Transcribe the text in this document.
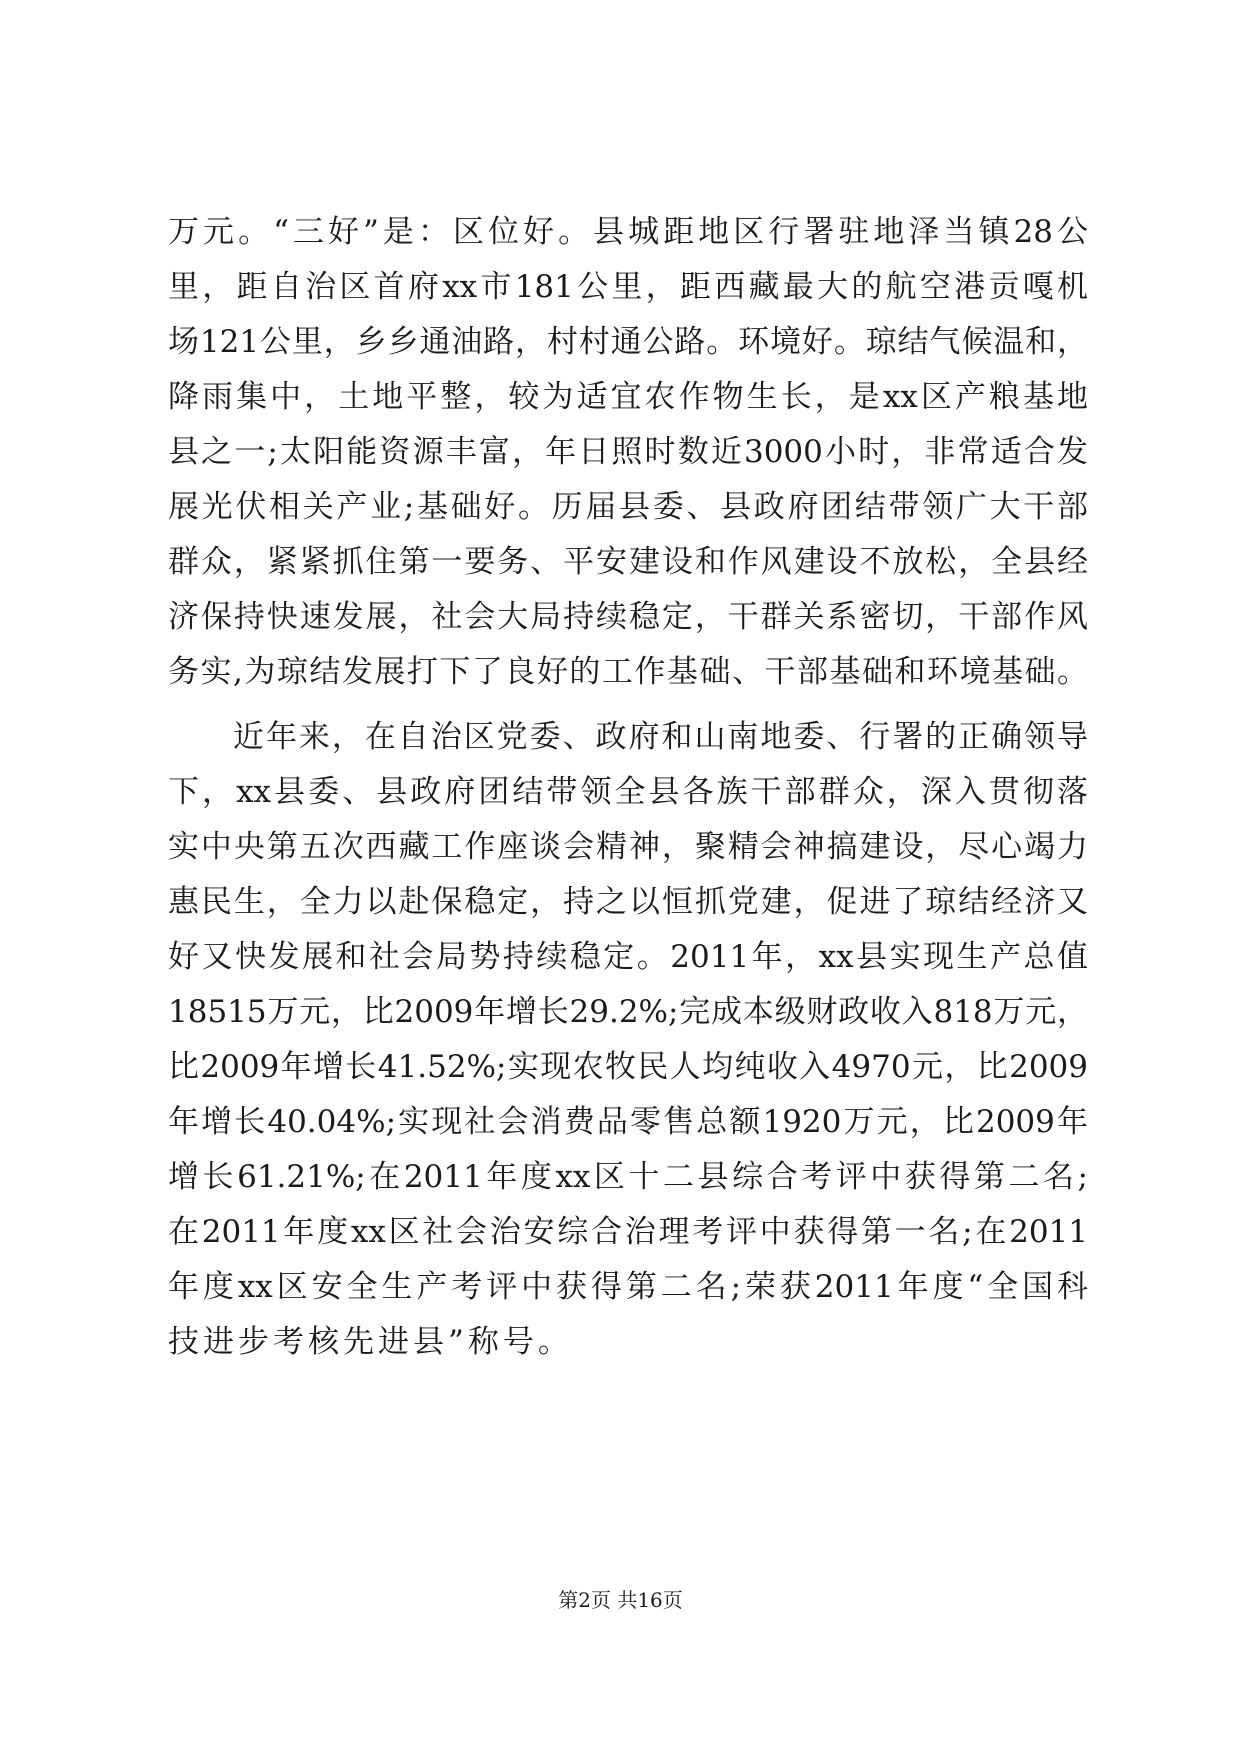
万元。“三好”是：区位好。县城距地区行署驻地泽当镇28公
里，距自治区首府xx市181公里，距西藏最大的航空港贡嘎机
场121公里，乡乡通油路，村村通公路。环境好。琼结气候温和，
降雨集中，土地平整，较为适宜农作物生长，是xx区产粮基地
县之一;太阳能资源丰富，年日照时数近3000小时，非常适合发
展光伏相关产业;基础好。历届县委、县政府团结带领广大干部
群众，紧紧抓住第一要务、平安建设和作风建设不放松，全县经
济保持快速发展，社会大局持续稳定，干群关系密切，干部作风
务实,为琼结发展打下了良好的工作基础、干部基础和环境基础。
近年来，在自治区党委、政府和山南地委、行署的正确领导
下，xx县委、县政府团结带领全县各族干部群众，深入贯彻落
实中央第五次西藏工作座谈会精神，聚精会神搞建设，尽心竭力
惠民生，全力以赴保稳定，持之以恒抓党建，促进了琼结经济又
好又快发展和社会局势持续稳定。2011年，xx县实现生产总值
18515万元，比2009年增长29.2%;完成本级财政收入818万元，
比2009年增长41.52%;实现农牧民人均纯收入4970元，比2009
年增长40.04%;实现社会消费品零售总额1920万元，比2009年
增长61.21%;在2011年度xx区十二县综合考评中获得第二名;
在2011年度xx区社会治安综合治理考评中获得第一名;在2011
年度xx区安全生产考评中获得第二名;荣获2011年度“全国科
技进步考核先进县”称号。
第2页 共16页
